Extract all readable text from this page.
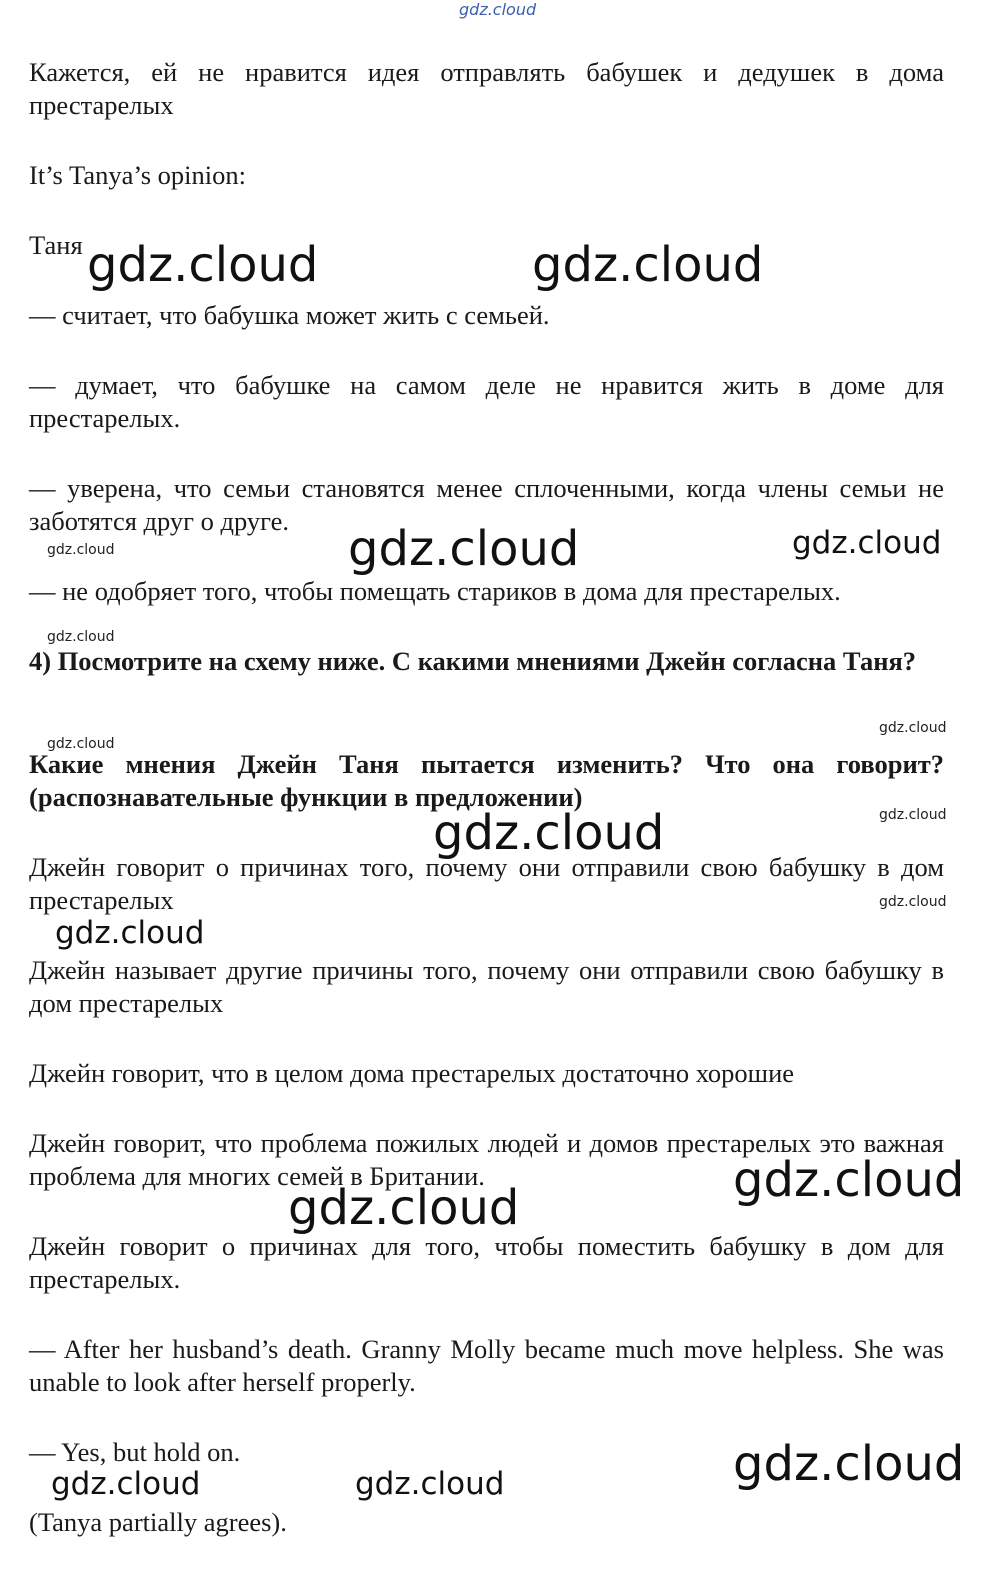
gdz.cloud

Кажется, ей не нравится идея отправлять бабушек и дедушек в дома престарелых

It’s Tanya’s opinion:

Таня gdz.cloud	gdz.cloud

— считает, что бабушка может жить с семьей.

— думает, что бабушке на самом деле не нравится жить в доме для престарелых.

— уверена, что семьи становятся менее сплоченными, когда члены семьи не заботятся друг о друге.

gdz.cloud	gdz.cloud	gdz.cloud

— не одобряет того, чтобы помещать стариков в дома для престарелых.

gdz.cloud

4) Посмотрите на схему ниже. С какими мнениями Джейн согласна Таня?

gdz.cloud
gdz.cloud

Какие мнения Джейн Таня пытается изменить? Что она говорит? (распознавательные функции в предложении)

gdz.cloud
gdz.cloud

Джейн говорит о причинах того, почему они отправили свою бабушку в дом престарелых	gdz.cloud
gdz.cloud

Джейн называет другие причины того, почему они отправили свою бабушку в дом престарелых

Джейн говорит, что в целом дома престарелых достаточно хорошие

Джейн говорит, что проблема пожилых людей и домов престарелых это важная проблема для многих семей в Британии.	gdz.cloud
gdz.cloud

Джейн говорит о причинах для того, чтобы поместить бабушку в дом для престарелых.

— After her husband’s death. Granny Molly became much move helpless. She was unable to look after herself properly.

— Yes, but hold on.	gdz.cloud
gdz.cloud	gdz.cloud

(Tanya partially agrees).
